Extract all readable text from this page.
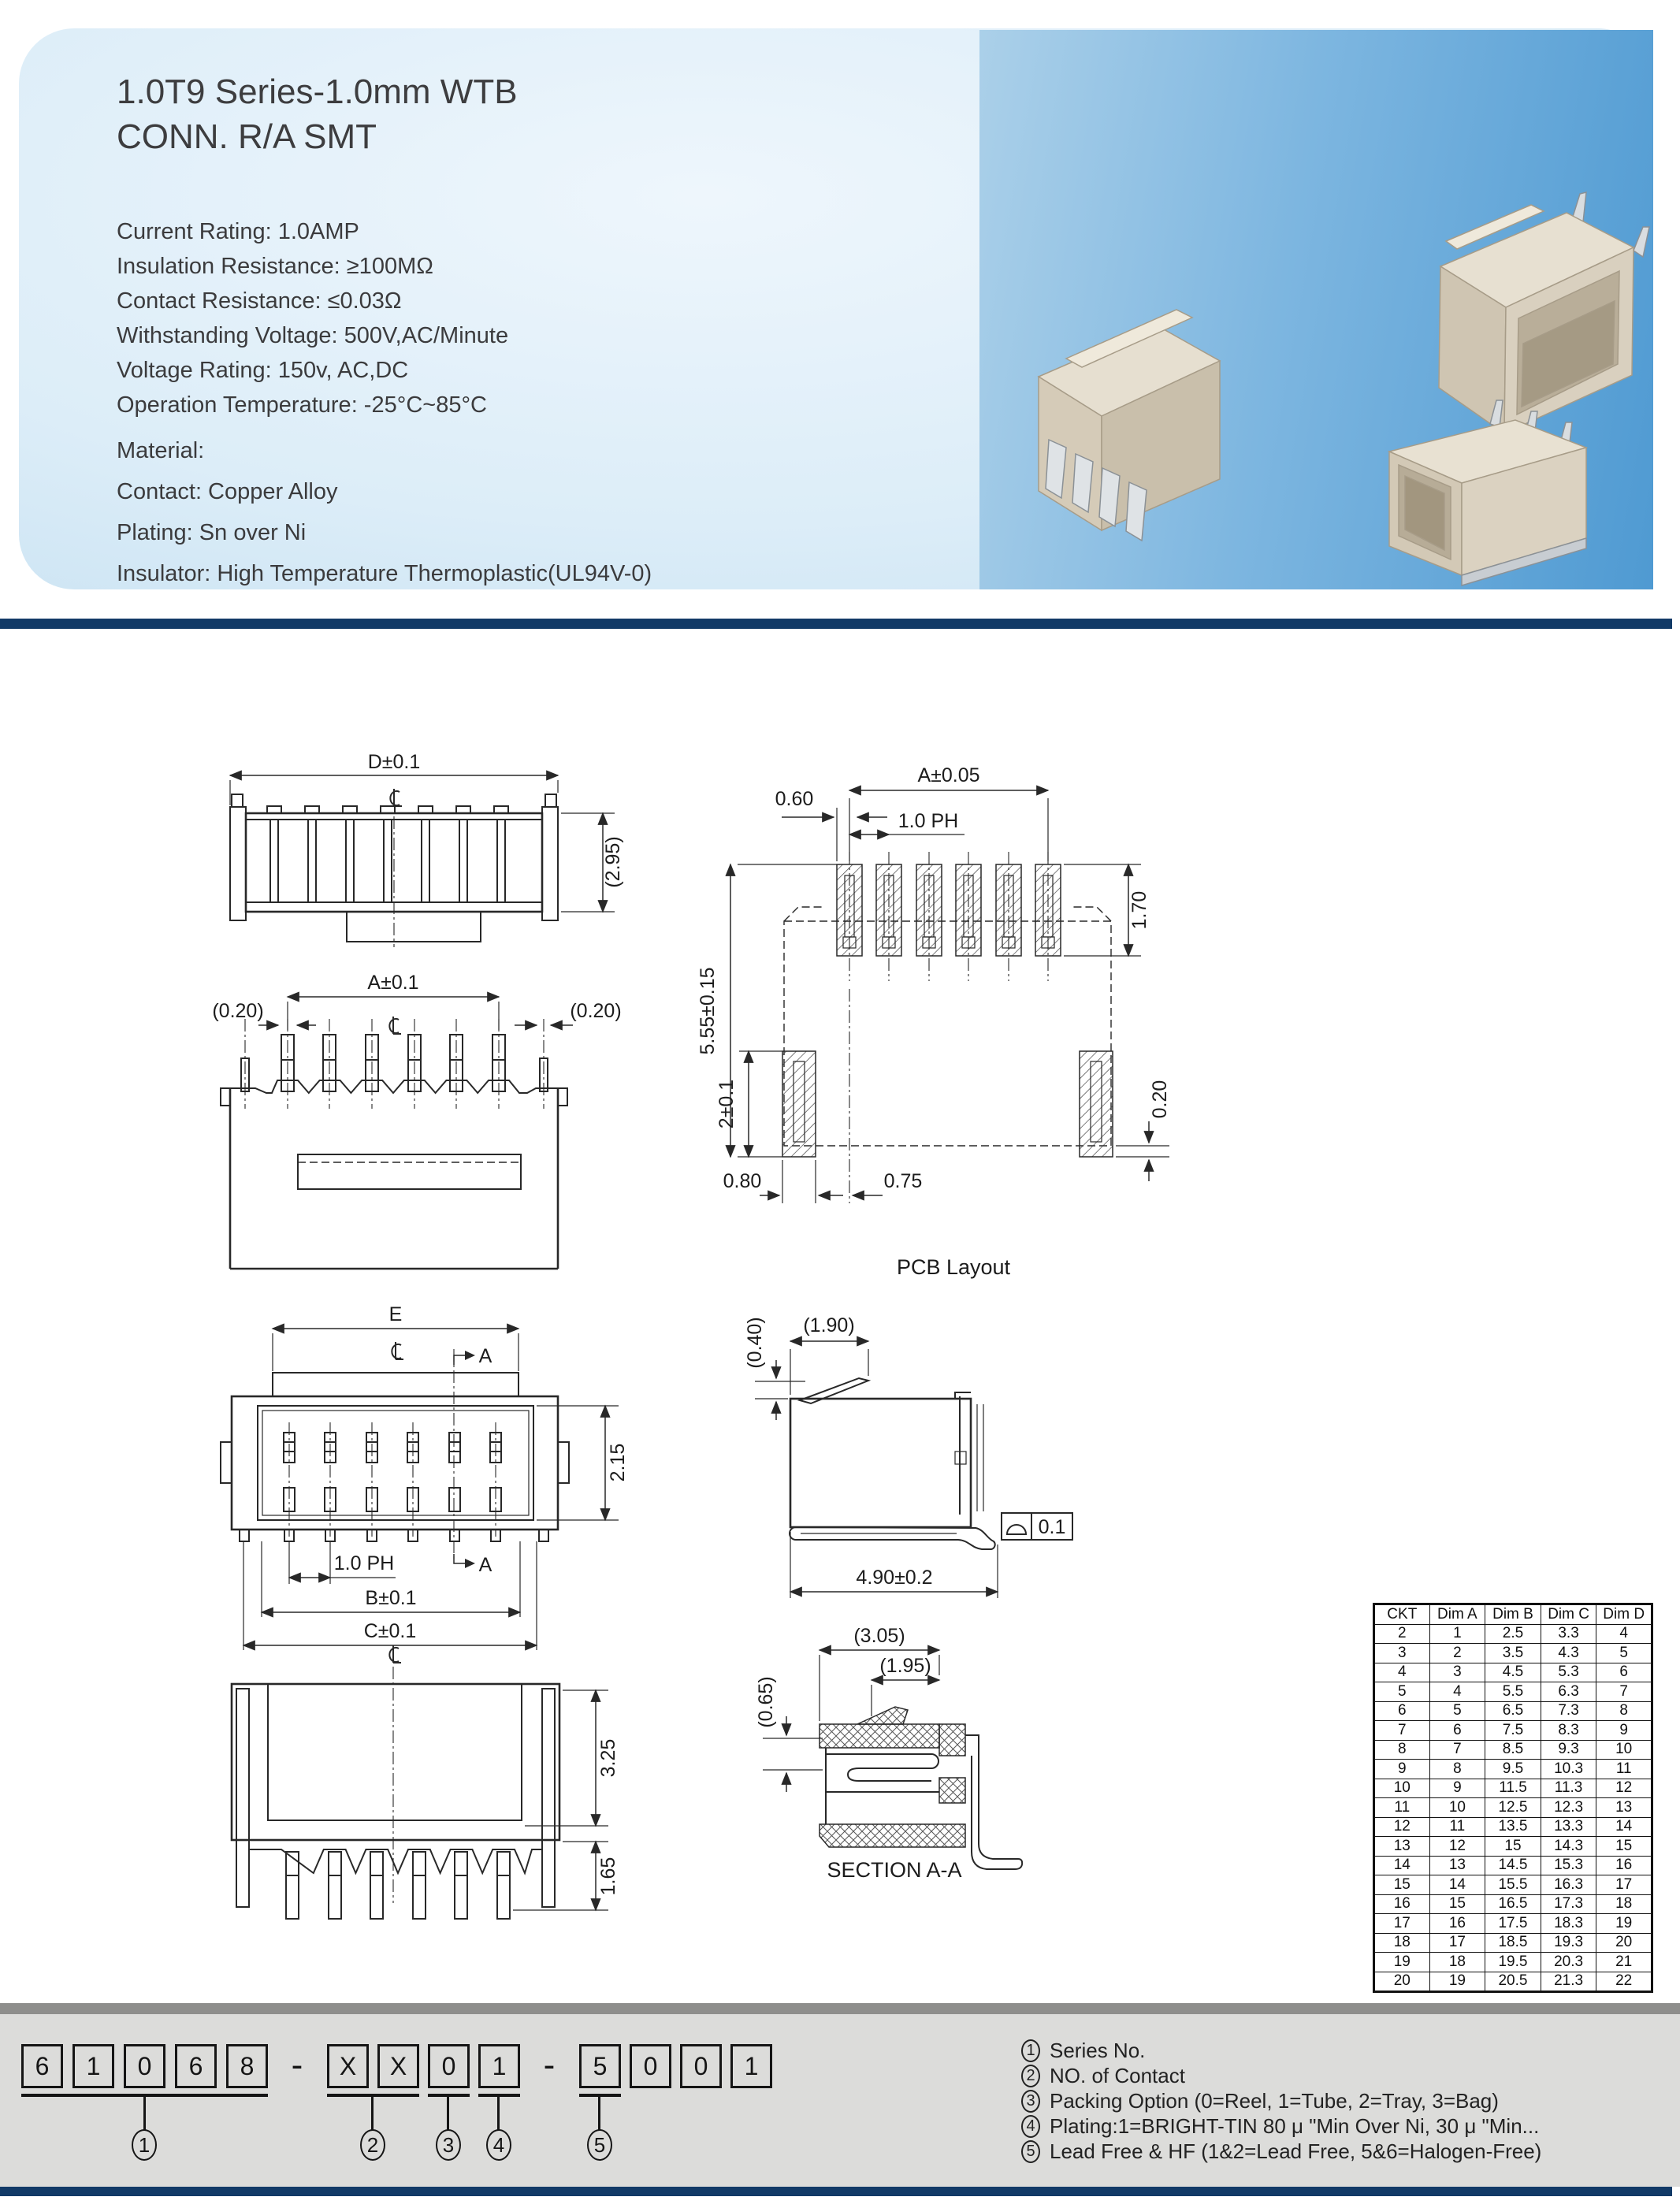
1.0T9 Series-1.0mm WTB
CONN. R/A SMT
Current Rating: 1.0AMP
Insulation Resistance: ≥100MΩ
Contact Resistance: ≤0.03Ω
Withstanding Voltage: 500V,AC/Minute
Voltage Rating: 150v, AC,DC
Operation Temperature: -25°C~85°C
Material:
Contact: Copper Alloy
Plating: Sn over Ni
Insulator: High Temperature Thermoplastic(UL94V-0)
D±0.1
(2.95)
A±0.1
(0.20)	(0.20)
A±0.05
0.60
1.0 PH
1.70
5.55±0.15
2±0.1	0.20
0.80	0.75
PCB Layout
E
A
2.15
A
1.0 PH
B±0.1
C±0.1
(0.40) (1.90)
0.1
4.90±0.2
3.25
1.65
(3.05)
(1.95)
(0.65)
SECTION A-A
CKT	Dim A	Dim B	Dim C	Dim D
2	1	2.5	3.3	4
3	2	3.5	4.3	5
4	3	4.5	5.3	6
5	4	5.5	6.3	7
6	5	6.5	7.3	8
7	6	7.5	8.3	9
8	7	8.5	9.3	10
9	8	9.5	10.3	11
10	9	11.5	11.3	12
11	10	12.5	12.3	13
12	11	13.5	13.3	14
13	12	15	14.3	15
14	13	14.5	15.3	16
15	14	15.5	16.3	17
16	15	16.5	17.3	18
17	16	17.5	18.3	19
18	17	18.5	19.3	20
19	18	19.5	20.3	21
20	19	20.5	21.3	22
6	1	0	6	8	-	X	X	0	1	-	5	0	0	1
1	2	3	4	5
1 Series No.
2 NO. of Contact
3 Packing Option (0=Reel, 1=Tube, 2=Tray, 3=Bag)
4 Plating:1=BRIGHT-TIN 80 μ "Min Over Ni, 30 μ "Min...
5 Lead Free & HF (1&2=Lead Free, 5&6=Halogen-Free)
